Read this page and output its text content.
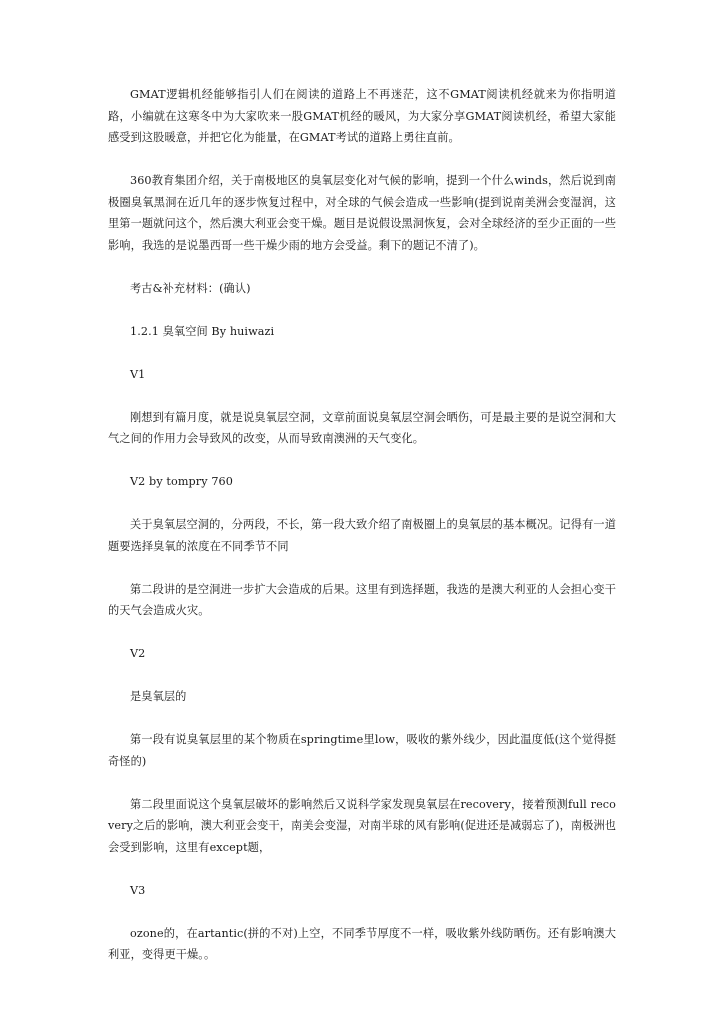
GMAT逻辑机经能够指引人们在阅读的道路上不再迷茫，这不GMAT阅读机经就来为你指明道路，小编就在这寒冬中为大家吹来一股GMAT机经的暖风，为大家分享GMAT阅读机经，希望大家能感受到这股暖意，并把它化为能量，在GMAT考试的道路上勇往直前。

360教育集团介绍，关于南极地区的臭氧层变化对气候的影响，提到一个什么winds，然后说到南极圈臭氧黑洞在近几年的逐步恢复过程中，对全球的气候会造成一些影响(提到说南美洲会变湿润，这里第一题就问这个，然后澳大利亚会变干燥。题目是说假设黑洞恢复，会对全球经济的至少正面的一些影响，我选的是说墨西哥一些干燥少雨的地方会受益。剩下的题记不清了)。

考古&补充材料：(确认)

1.2.1 臭氧空间 By huiwazi

V1

刚想到有篇月度，就是说臭氧层空洞，文章前面说臭氧层空洞会晒伤，可是最主要的是说空洞和大气之间的作用力会导致风的改变，从而导致南澳洲的天气变化。

V2 by tompry 760

关于臭氧层空洞的，分两段，不长，第一段大致介绍了南极圈上的臭氧层的基本概况。记得有一道题要选择臭氧的浓度在不同季节不同

第二段讲的是空洞进一步扩大会造成的后果。这里有到选择题，我选的是澳大利亚的人会担心变干的天气会造成火灾。

V2

是臭氧层的

第一段有说臭氧层里的某个物质在springtime里low，吸收的紫外线少，因此温度低(这个觉得挺奇怪的)

第二段里面说这个臭氧层破坏的影响然后又说科学家发现臭氧层在recovery，接着预测full recovery之后的影响，澳大利亚会变干，南美会变湿，对南半球的风有影响(促进还是减弱忘了)，南极洲也会受到影响，这里有except题，

V3

ozone的，在artantic(拼的不对)上空，不同季节厚度不一样，吸收紫外线防晒伤。还有影响澳大利亚，变得更干燥。。
